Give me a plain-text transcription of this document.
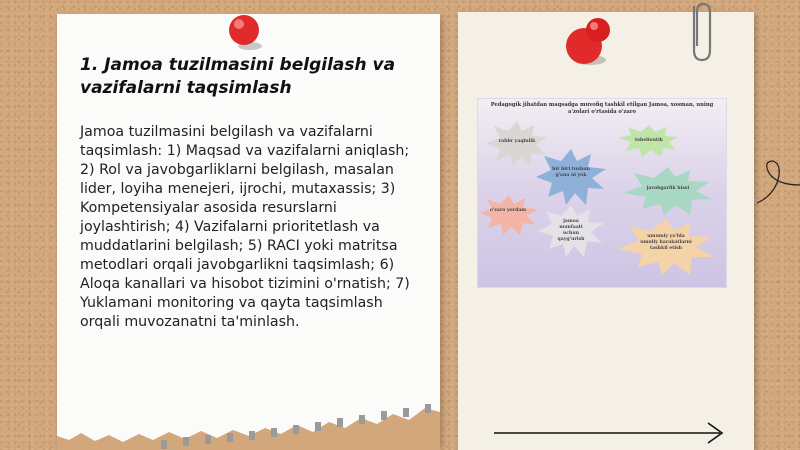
1. Jamoa tuzilmasini belgilash va vazifalarni taqsimlash
Jamoa tuzilmasini belgilash va vazifalarni taqsimlash: 1) Maqsad va vazifalarni aniqlash; 2) Rol va javobgarliklarni belgilash, masalan lider, loyiha menejeri, ijrochi, mutaxassis; 3) Kompetensiyalar asosida resurslarni joylashtirish; 4) Vazifalarni prioritetlash va muddatlarini belgilash; 5) RACI yoki matritsa metodlari orqali javobgarlikni taqsimlash; 6) Aloqa kanallari va hisobot tizimini o'rnatish; 7) Yuklamani monitoring va qayta taqsimlash orqali muvozanatni ta'minlash.
Pedagogik jihatdan maqsadga muvofiq tashkil etilgan Jamoa, xosman, uning a'zolari o'rtasida o'zaro
rahbr yaqinlik	tebelientik
bir biri tushun g'ana ni yok
javobgarlik hissi
o'zaro yordam
jamoa munfaati uchun qayg'urish
umumiy yo'lda umuliy harakatlarni tashkil etish
